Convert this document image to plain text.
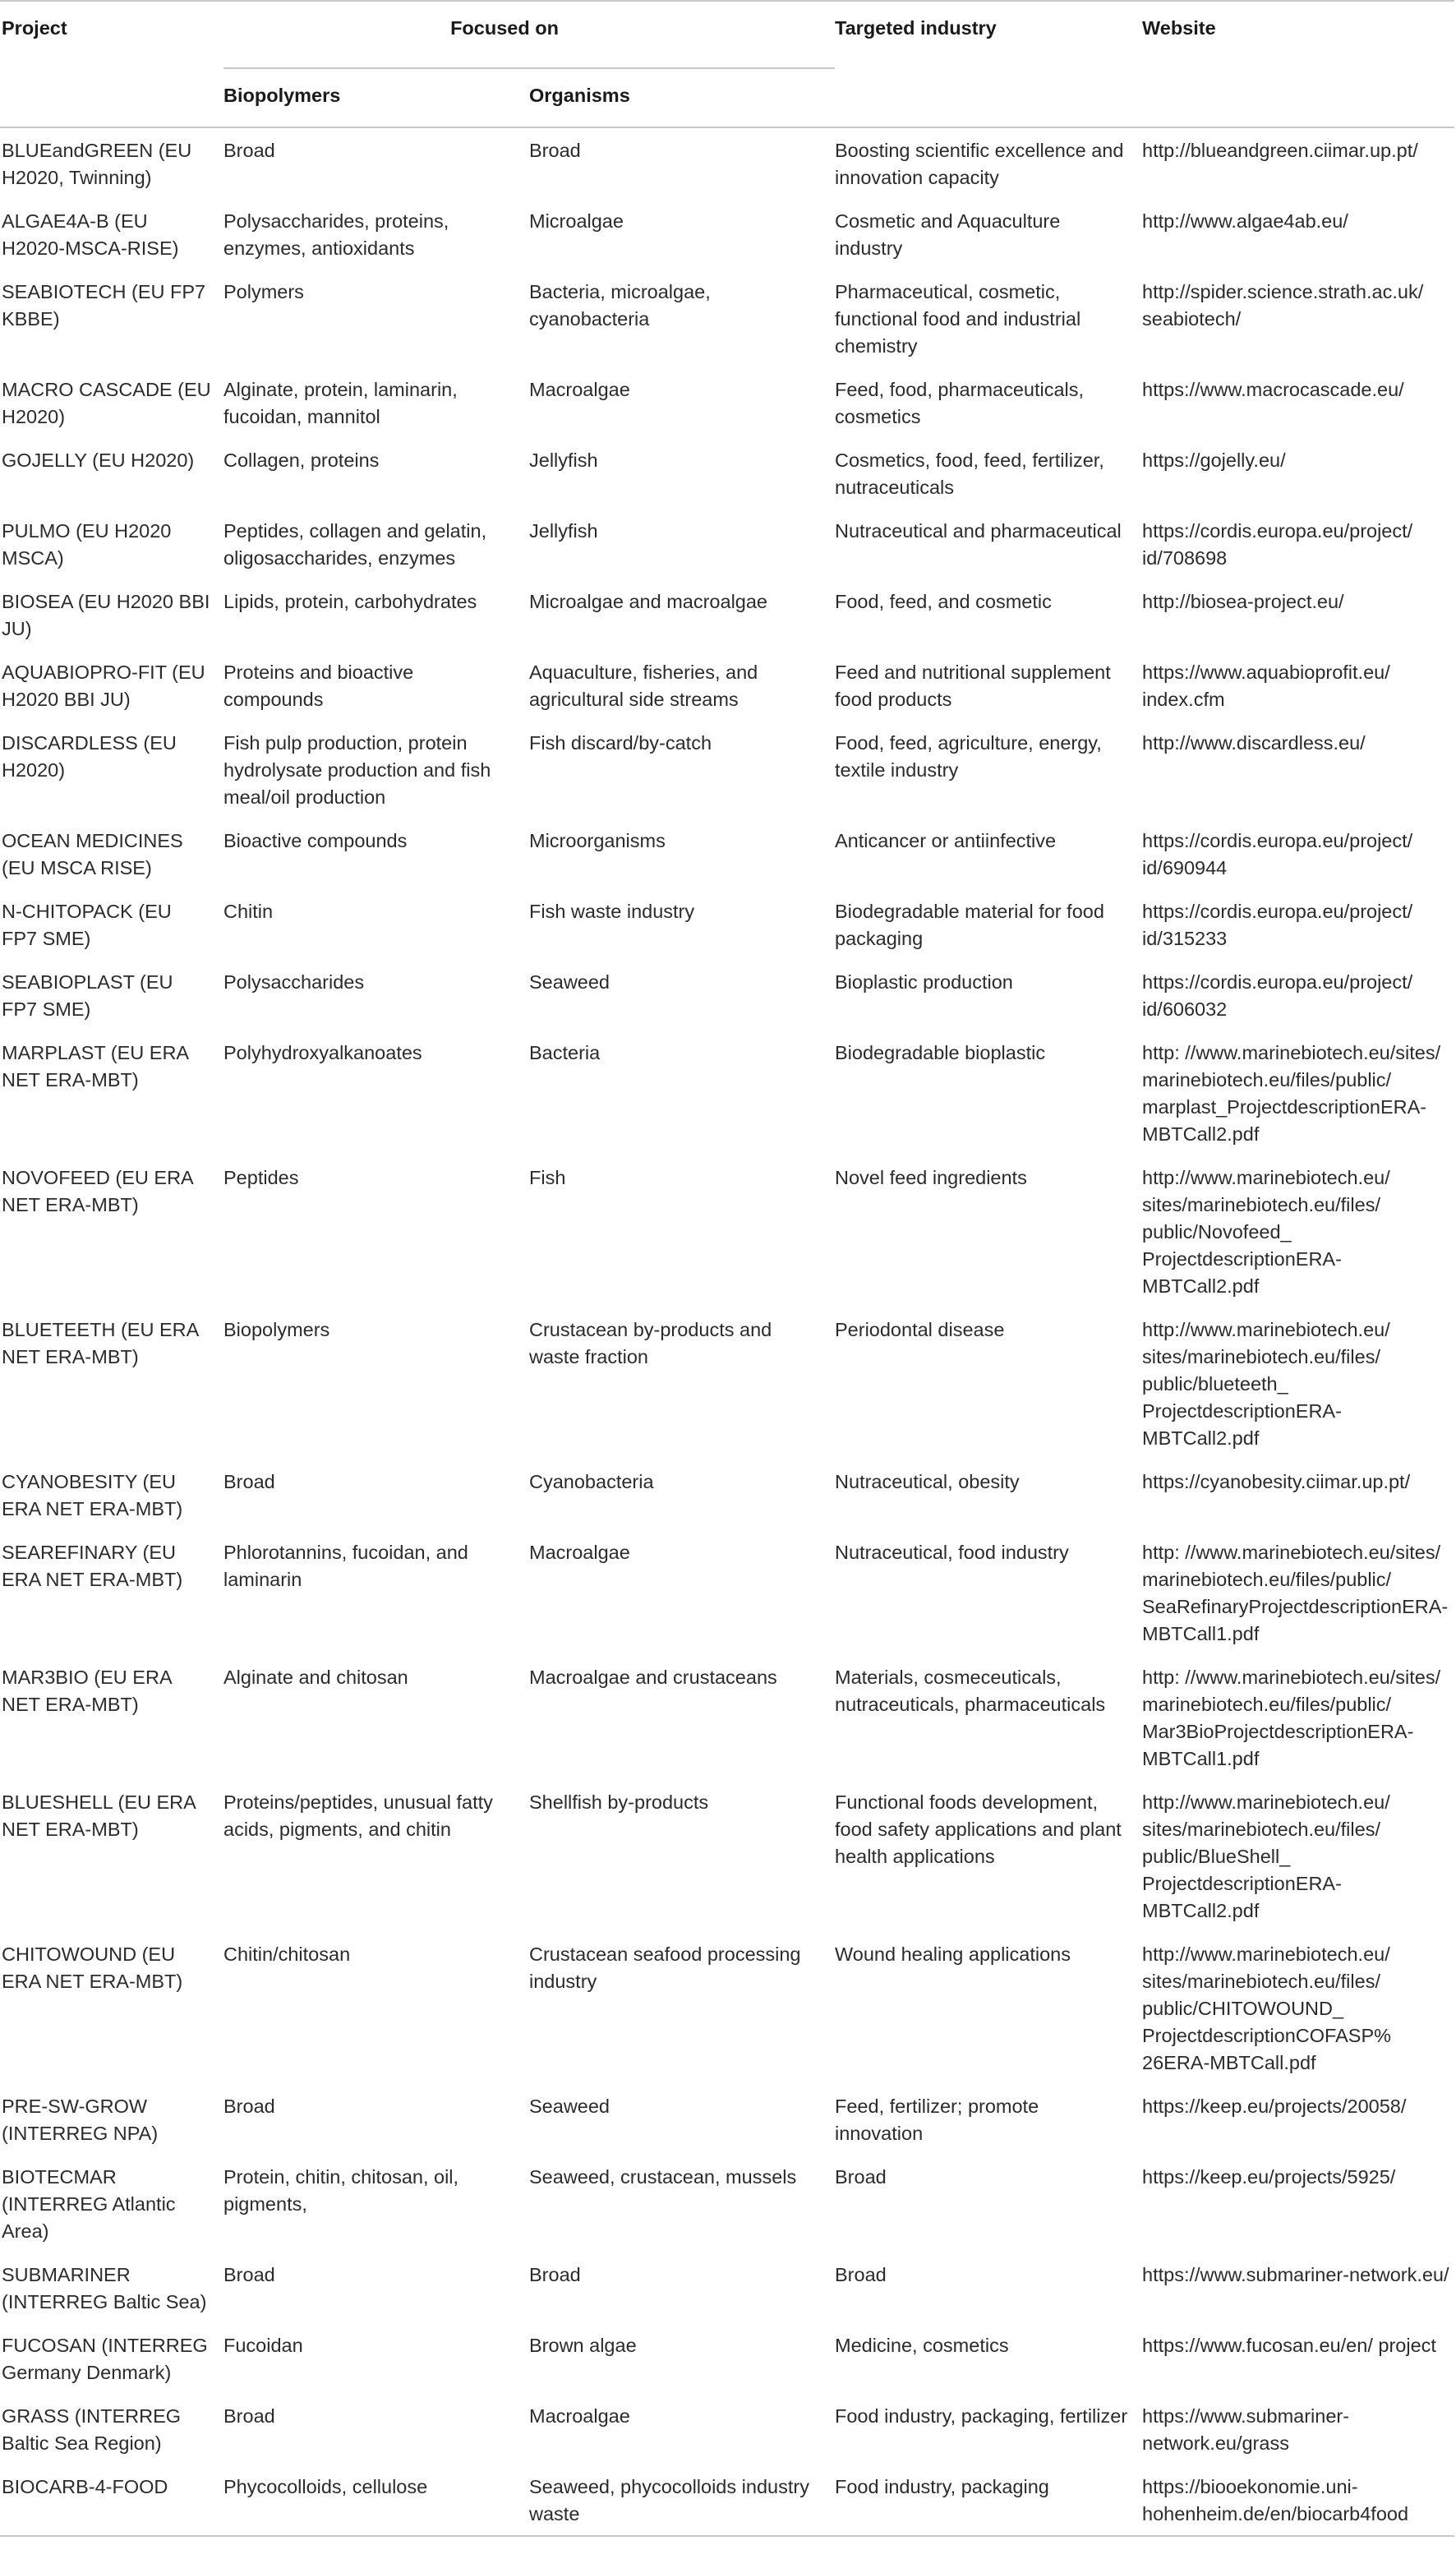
Project	Focused on		Targeted industry	Website
	Biopolymers	Organisms		
BLUEandGREEN (EU H2020, Twinning)	Broad	Broad	Boosting scientific excellence and innovation capacity	http://blueandgreen.ciimar.up.pt/
ALGAE4A-B (EU H2020-MSCA-RISE)	Polysaccharides, proteins, enzymes, antioxidants	Microalgae	Cosmetic and Aquaculture industry	http://www.algae4ab.eu/
SEABIOTECH (EU FP7 KBBE)	Polymers	Bacteria, microalgae, cyanobacteria	Pharmaceutical, cosmetic, functional food and industrial chemistry	http://spider.science.strath.ac.uk/ seabiotech/
MACRO CASCADE (EU H2020)	Alginate, protein, laminarin, fucoidan, mannitol	Macroalgae	Feed, food, pharmaceuticals, cosmetics	https://www.macrocascade.eu/
GOJELLY (EU H2020)	Collagen, proteins	Jellyfish	Cosmetics, food, feed, fertilizer, nutraceuticals	https://gojelly.eu/
PULMO (EU H2020 MSCA)	Peptides, collagen and gelatin, oligosaccharides, enzymes	Jellyfish	Nutraceutical and pharmaceutical	https://cordis.europa.eu/project/ id/708698
BIOSEA (EU H2020 BBI JU)	Lipids, protein, carbohydrates	Microalgae and macroalgae	Food, feed, and cosmetic	http://biosea-project.eu/
AQUABIOPRO-FIT (EU H2020 BBI JU)	Proteins and bioactive compounds	Aquaculture, fisheries, and agricultural side streams	Feed and nutritional supplement food products	https://www.aquabioprofit.eu/ index.cfm
DISCARDLESS (EU H2020)	Fish pulp production, protein hydrolysate production and fish meal/oil production	Fish discard/by-catch	Food, feed, agriculture, energy, textile industry	http://www.discardless.eu/
OCEAN MEDICINES (EU MSCA RISE)	Bioactive compounds	Microorganisms	Anticancer or antiinfective	https://cordis.europa.eu/project/ id/690944
N-CHITOPACK (EU FP7 SME)	Chitin	Fish waste industry	Biodegradable material for food packaging	https://cordis.europa.eu/project/ id/315233
SEABIOPLAST (EU FP7 SME)	Polysaccharides	Seaweed	Bioplastic production	https://cordis.europa.eu/project/ id/606032
MARPLAST (EU ERA NET ERA-MBT)	Polyhydroxyalkanoates	Bacteria	Biodegradable bioplastic	http: //www.marinebiotech.eu/sites/ marinebiotech.eu/files/public/ marplast_ProjectdescriptionERA-MBTCall2.pdf
NOVOFEED (EU ERA NET ERA-MBT)	Peptides	Fish	Novel feed ingredients	http://www.marinebiotech.eu/ sites/marinebiotech.eu/files/ public/Novofeed_ ProjectdescriptionERA-MBTCall2.pdf
BLUETEETH (EU ERA NET ERA-MBT)	Biopolymers	Crustacean by-products and waste fraction	Periodontal disease	http://www.marinebiotech.eu/ sites/marinebiotech.eu/files/ public/blueteeth_ ProjectdescriptionERA-MBTCall2.pdf
CYANOBESITY (EU ERA NET ERA-MBT)	Broad	Cyanobacteria	Nutraceutical, obesity	https://cyanobesity.ciimar.up.pt/
SEAREFINARY (EU ERA NET ERA-MBT)	Phlorotannins, fucoidan, and laminarin	Macroalgae	Nutraceutical, food industry	http: //www.marinebiotech.eu/sites/ marinebiotech.eu/files/public/ SeaRefinaryProjectdescriptionERA-MBTCall1.pdf
MAR3BIO (EU ERA NET ERA-MBT)	Alginate and chitosan	Macroalgae and crustaceans	Materials, cosmeceuticals, nutraceuticals, pharmaceuticals	http: //www.marinebiotech.eu/sites/ marinebiotech.eu/files/public/ Mar3BioProjectdescriptionERA-MBTCall1.pdf
BLUESHELL (EU ERA NET ERA-MBT)	Proteins/peptides, unusual fatty acids, pigments, and chitin	Shellfish by-products	Functional foods development, food safety applications and plant health applications	http://www.marinebiotech.eu/ sites/marinebiotech.eu/files/ public/BlueShell_ ProjectdescriptionERA-MBTCall2.pdf
CHITOWOUND (EU ERA NET ERA-MBT)	Chitin/chitosan	Crustacean seafood processing industry	Wound healing applications	http://www.marinebiotech.eu/ sites/marinebiotech.eu/files/ public/CHITOWOUND_ ProjectdescriptionCOFASP% 26ERA-MBTCall.pdf
PRE-SW-GROW (INTERREG NPA)	Broad	Seaweed	Feed, fertilizer; promote innovation	https://keep.eu/projects/20058/
BIOTECMAR (INTERREG Atlantic Area)	Protein, chitin, chitosan, oil, pigments,	Seaweed, crustacean, mussels	Broad	https://keep.eu/projects/5925/
SUBMARINER (INTERREG Baltic Sea)	Broad	Broad	Broad	https://www.submariner-network.eu/
FUCOSAN (INTERREG Germany Denmark)	Fucoidan	Brown algae	Medicine, cosmetics	https://www.fucosan.eu/en/ project
GRASS (INTERREG Baltic Sea Region)	Broad	Macroalgae	Food industry, packaging, fertilizer	https://www.submariner-network.eu/grass
BIOCARB-4-FOOD	Phycocolloids, cellulose	Seaweed, phycocolloids industry waste	Food industry, packaging	https://biooekonomie.uni-hohenheim.de/en/biocarb4food
